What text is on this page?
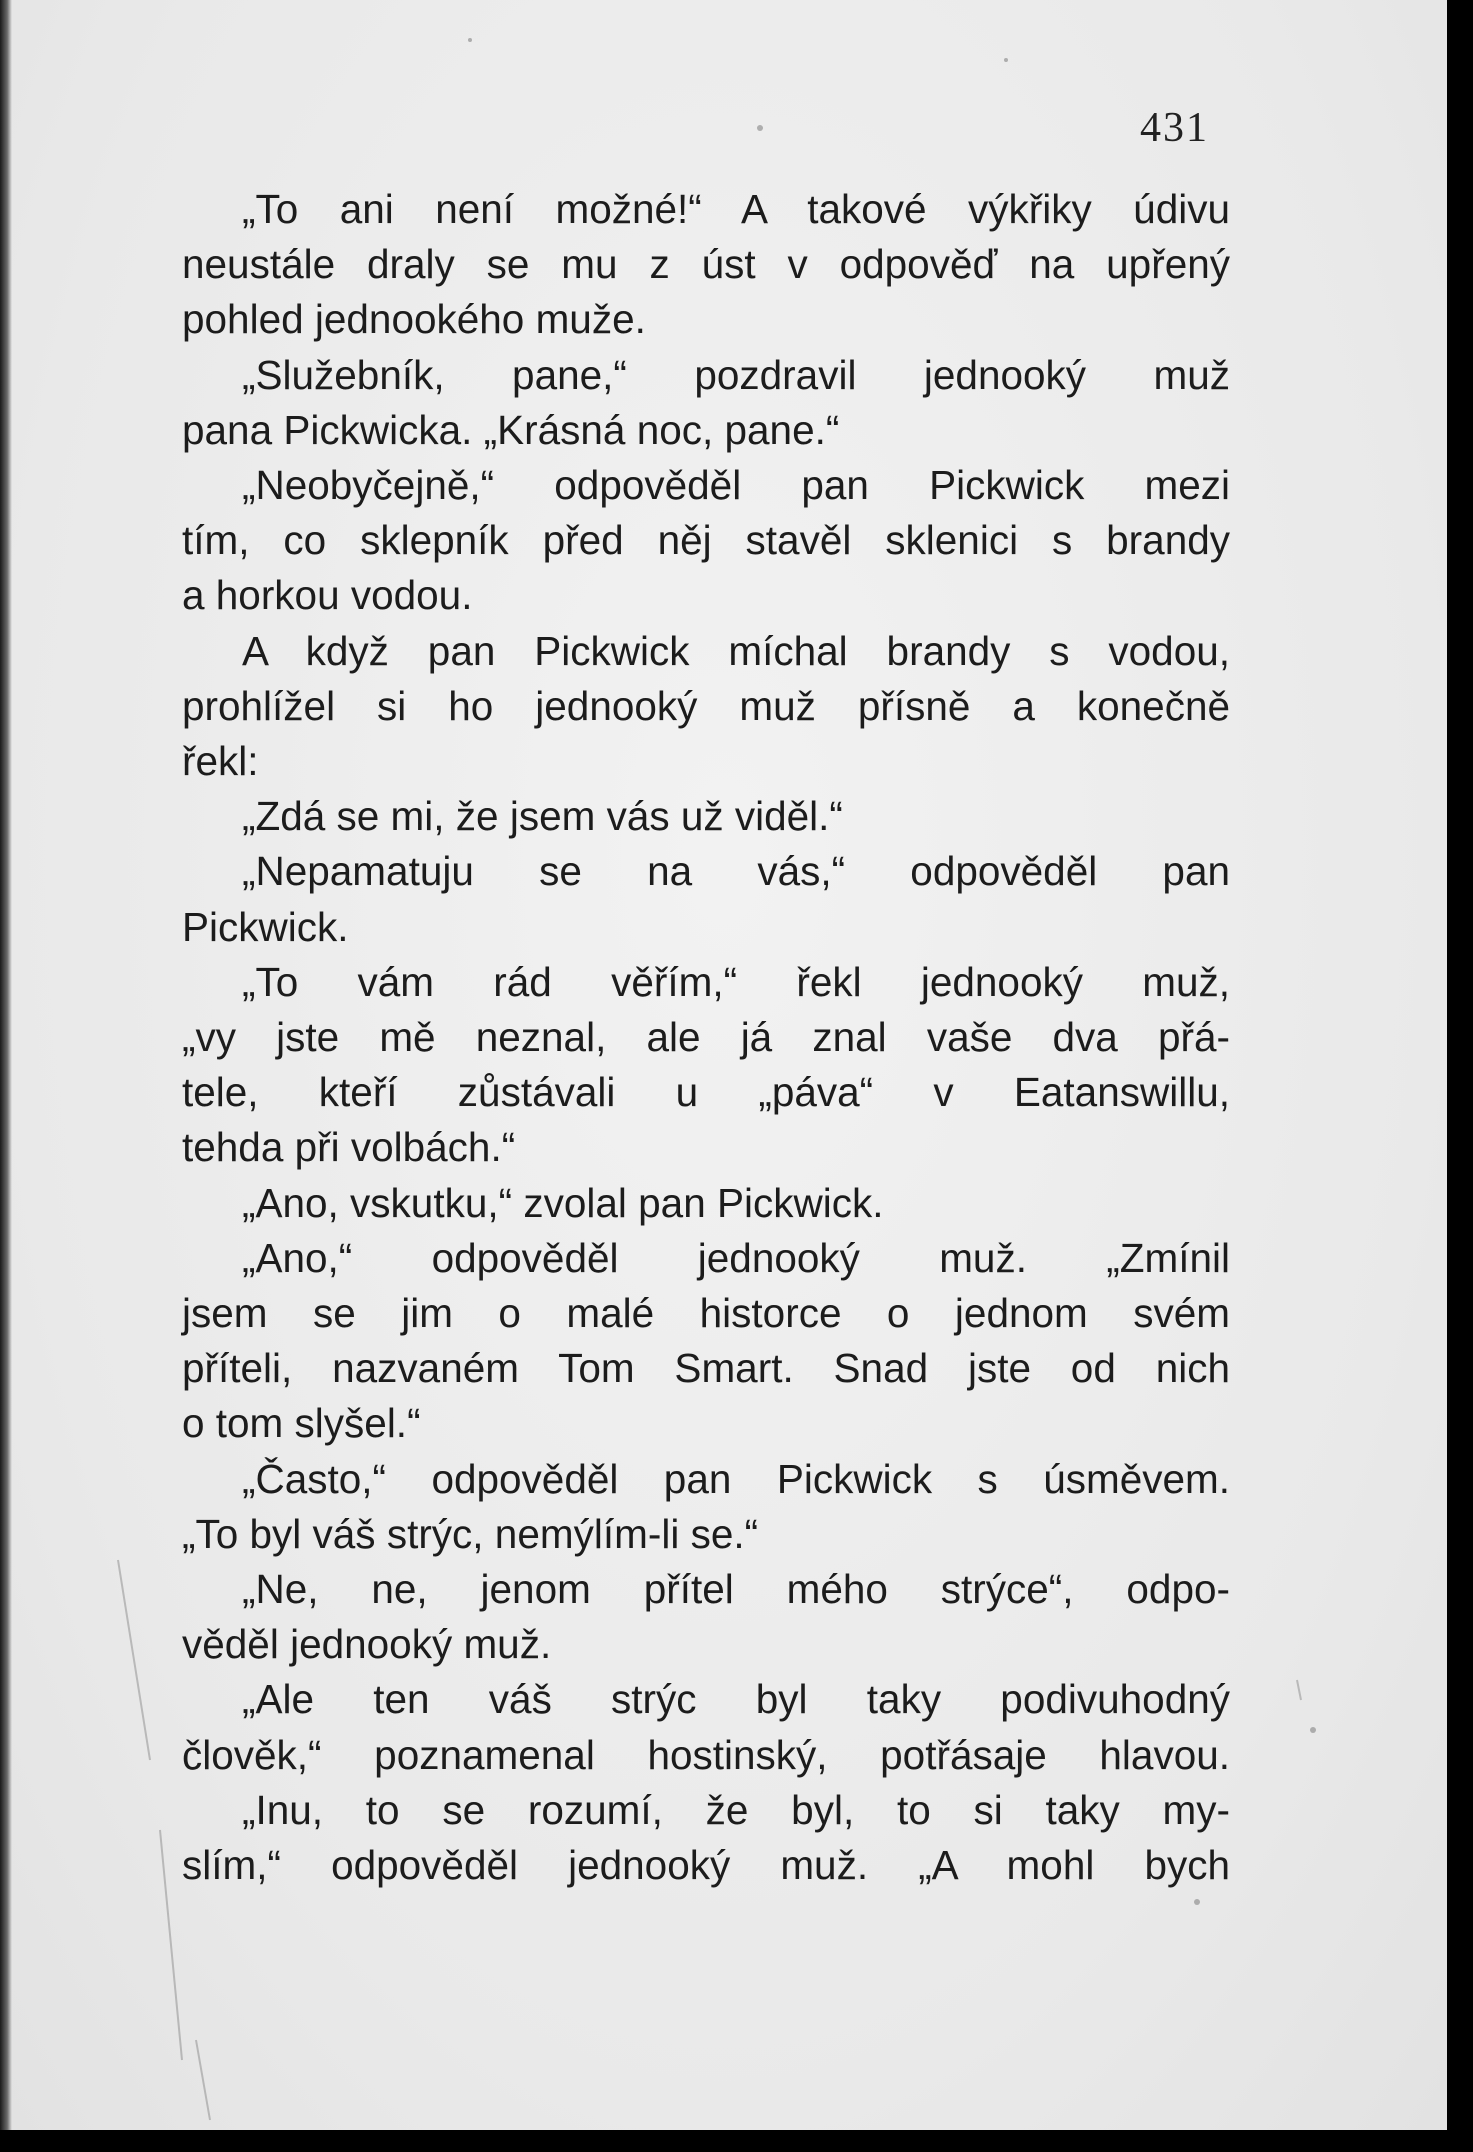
431
„To ani není možné!“ A takové výkřiky údivu
neustále draly se mu z úst v odpověď na upřený
pohled jednookého muže.
„Služebník, pane,“ pozdravil jednooký muž
pana Pickwicka. „Krásná noc, pane.“
„Neobyčejně,“ odpověděl pan Pickwick mezi
tím, co sklepník před něj stavěl sklenici s brandy
a horkou vodou.
A když pan Pickwick míchal brandy s vodou,
prohlížel si ho jednooký muž přísně a konečně
řekl:
„Zdá se mi, že jsem vás už viděl.“
„Nepamatuju se na vás,“ odpověděl pan
Pickwick.
„To vám rád věřím,“ řekl jednooký muž,
„vy jste mě neznal, ale já znal vaše dva přá-
tele, kteří zůstávali u „páva“ v Eatanswillu,
tehda při volbách.“
„Ano, vskutku,“ zvolal pan Pickwick.
„Ano,“ odpověděl jednooký muž. „Zmínil
jsem se jim o malé historce o jednom svém
příteli, nazvaném Tom Smart. Snad jste od nich
o tom slyšel.“
„Často,“ odpověděl pan Pickwick s úsměvem.
„To byl váš strýc, nemýlím-li se.“
„Ne, ne, jenom přítel mého strýce“, odpo-
věděl jednooký muž.
„Ale ten váš strýc byl taky podivuhodný
člověk,“ poznamenal hostinský, potřásaje hlavou.
„Inu, to se rozumí, že byl, to si taky my-
slím,“ odpověděl jednooký muž. „A mohl bych
